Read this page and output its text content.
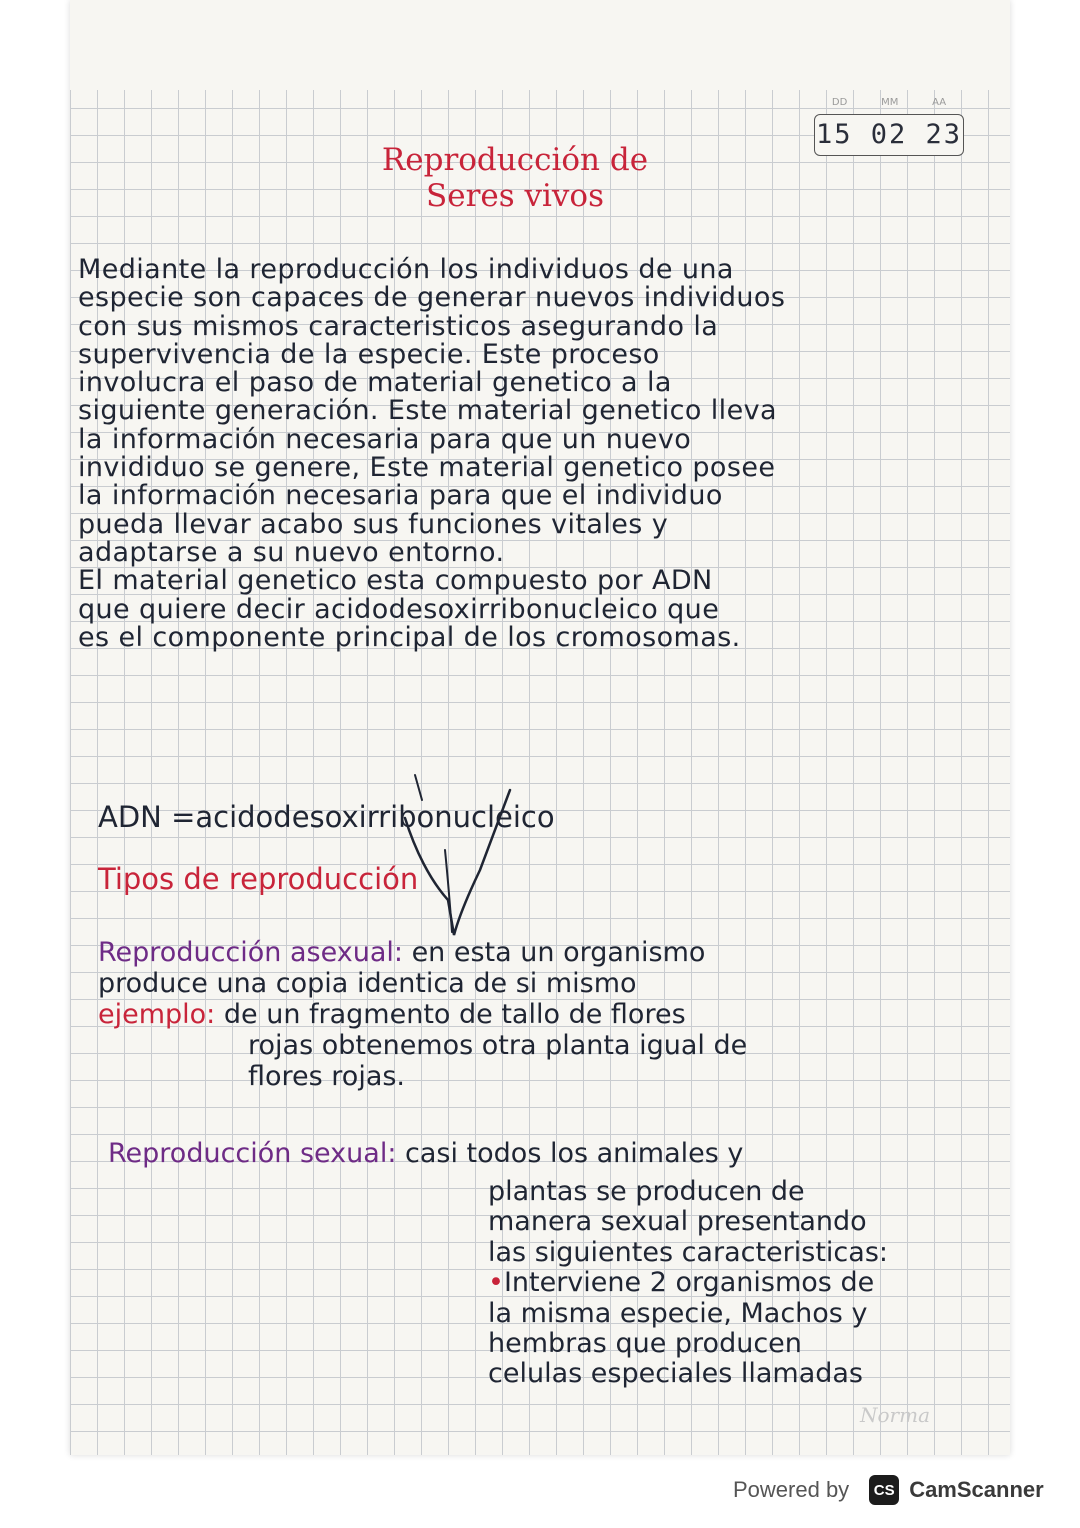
DD	MM	AA
15 02 23
Reproducción de
Seres vivos
Mediante la reproducción los individuos de una
especie son capaces de generar nuevos individuos
con sus mismos caracteristicos asegurando la
supervivencia de la especie. Este proceso
involucra el paso de material genetico a la
siguiente generación. Este material genetico lleva
la información necesaria para que un nuevo
invididuo se genere, Este material genetico posee
la información necesaria para que el individuo
pueda llevar acabo sus funciones vitales y
adaptarse a su nuevo entorno.
El material genetico esta compuesto por ADN
que quiere decir acidodesoxirribonucleico que
es el componente principal de los cromosomas.
ADN =acidodesoxirribonucleico
Tipos de reproducción
Reproducción asexual: en esta un organismo
produce una copia identica de si mismo
ejemplo: de un fragmento de tallo de flores
rojas obtenemos otra planta igual de
flores rojas.
Reproducción sexual: casi todos los animales y
plantas se producen de
manera sexual presentando
las siguientes caracteristicas:
•Interviene 2 organismos de
la misma especie, Machos y
hembras que producen
celulas especiales llamadas
Norma
Powered by	CS CamScanner
